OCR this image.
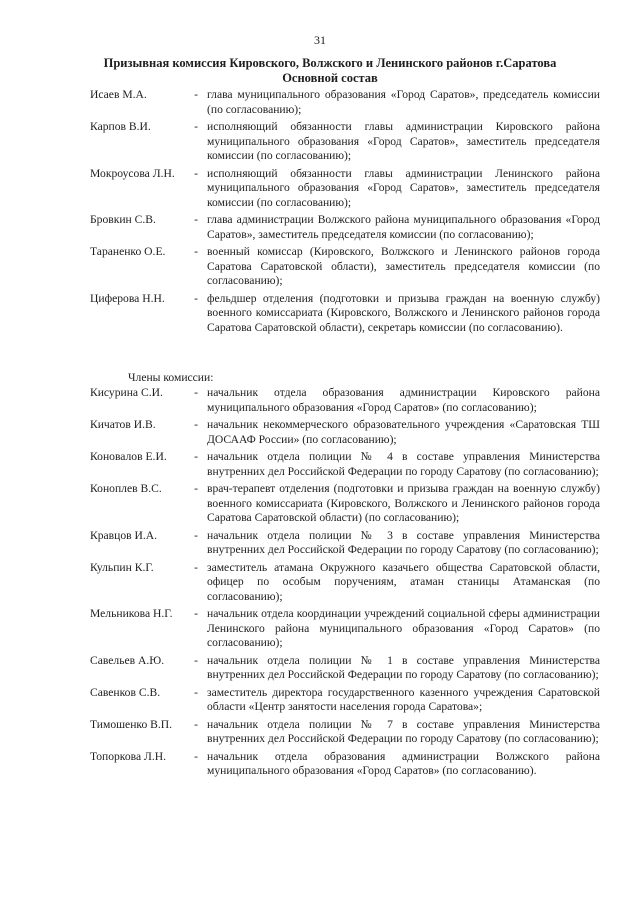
31
Призывная комиссия Кировского, Волжского и Ленинского районов г.Саратова
Основной состав
Исаев М.А.	- глава муниципального образования «Город Саратов», председатель комиссии (по согласованию);
Карпов В.И.	- исполняющий обязанности главы администрации Кировского района муниципального образования «Город Саратов», заместитель председателя комиссии (по согласованию);
Мокроусова Л.Н.	- исполняющий обязанности главы администрации Ленинского района муниципального образования «Город Саратов», заместитель председателя комиссии (по согласованию);
Бровкин С.В.	- глава администрации Волжского района муниципального образования «Город Саратов», заместитель председателя комиссии (по согласованию);
Тараненко О.Е.	- военный комиссар (Кировского, Волжского и Ленинского районов города Саратова Саратовской области), заместитель председателя комиссии (по согласованию);
Циферова Н.Н.	- фельдшер отделения (подготовки и призыва граждан на военную службу) военного комиссариата (Кировского, Волжского и Ленинского районов города Саратова Саратовской области), секретарь комиссии (по согласованию).
Члены комиссии:
Кисурина С.И.	- начальник отдела образования администрации Кировского района муниципального образования «Город Саратов» (по согласованию);
Кичатов И.В.	- начальник некоммерческого образовательного учреждения «Саратовская ТШ ДОСААФ России» (по согласованию);
Коновалов Е.И.	- начальник отдела полиции № 4 в составе управления Министерства внутренних дел Российской Федерации по городу Саратову (по согласованию);
Коноплев В.С.	- врач-терапевт отделения (подготовки и призыва граждан на военную службу) военного комиссариата (Кировского, Волжского и Ленинского районов города Саратова Саратовской области) (по согласованию);
Кравцов И.А.	- начальник отдела полиции № 3 в составе управления Министерства внутренних дел Российской Федерации по городу Саратову (по согласованию);
Кульпин К.Г.	- заместитель атамана Окружного казачьего общества Саратовской области, офицер по особым поручениям, атаман станицы Атаманская (по согласованию);
Мельникова Н.Г.	- начальник отдела координации учреждений социальной сферы администрации Ленинского района муниципального образования «Город Саратов» (по согласованию);
Савельев А.Ю.	- начальник отдела полиции № 1 в составе управления Министерства внутренних дел Российской Федерации по городу Саратову (по согласованию);
Савенков С.В.	- заместитель директора государственного казенного учреждения Саратовской области «Центр занятости населения города Саратова»;
Тимошенко В.П.	- начальник отдела полиции № 7 в составе управления Министерства внутренних дел Российской Федерации по городу Саратову (по согласованию);
Топоркова Л.Н.	- начальник отдела образования администрации Волжского района муниципального образования «Город Саратов» (по согласованию).
